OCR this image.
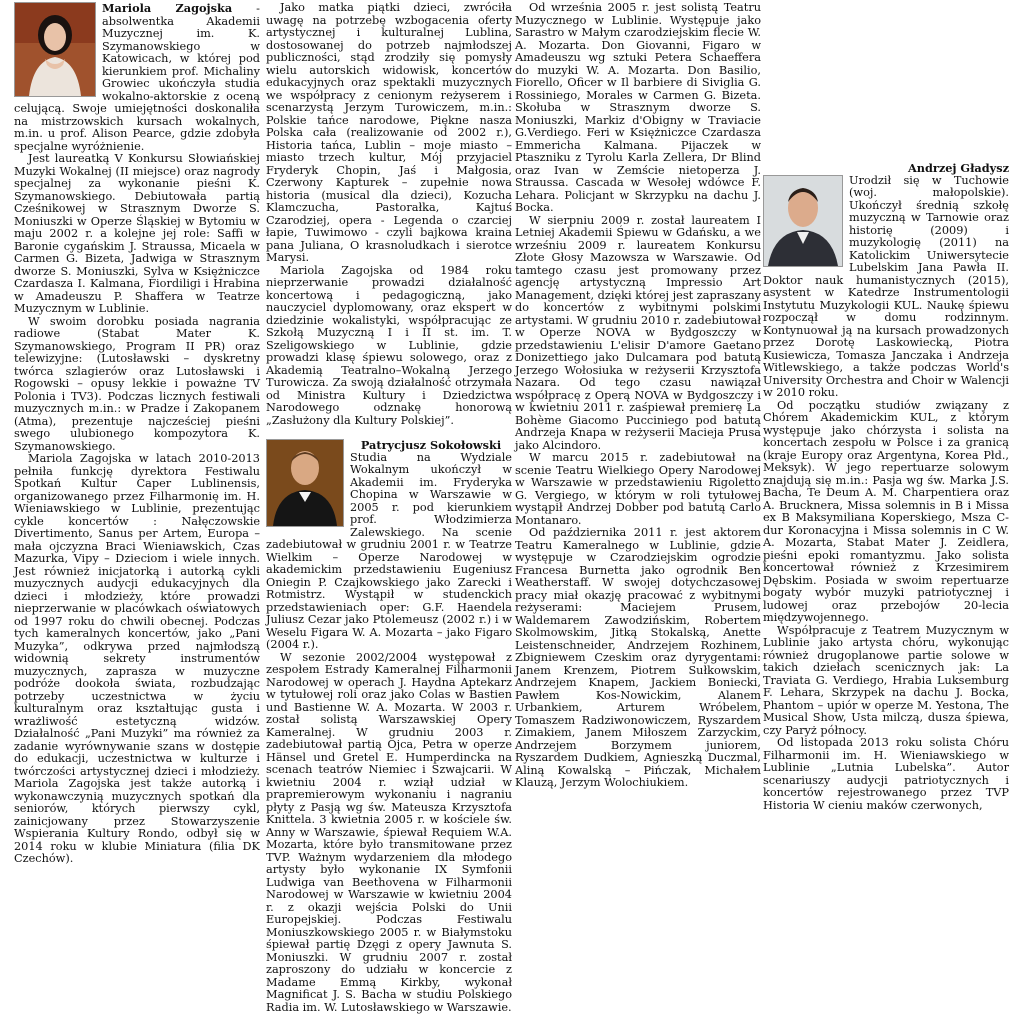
Mariola Zagojska - absolwentka Akademii Muzycznej im. K. Szymanowskiego w Katowicach, w której pod kierunkiem prof. Michaliny Growiec ukończyła studia wokalno-aktorskie z oceną celującą. Swoje umiejętności doskonaliła na mistrzowskich kursach wokalnych, m.in. u prof. Alison Pearce, gdzie zdobyła specjalne wyróżnienie.

Jest laureatką V Konkursu Słowiańskiej Muzyki Wokalnej (II miejsce) oraz nagrody specjalnej za wykonanie pieśni K. Szymanowskiego. Debiutowała partią Cześnikowej w Strasznym Dworze S. Moniuszki w Operze Śląskiej w Bytomiu w maju 2002 r. a kolejne jej role: Saffi w Baronie cygańskim J. Straussa, Micaela w Carmen G. Bizeta, Jadwiga w Strasznym dworze S. Moniuszki, Sylva w Księżniczce Czardasza I. Kalmana, Fiordiligi i Hrabina w Amadeuszu P. Shaffera w Teatrze Muzycznym w Lublinie.

W swoim dorobku posiada nagrania radiowe (Stabat Mater K. Szymanowskiego, Program II PR) oraz telewizyjne: (Lutosławski – dyskretny twórca szlagierów oraz Lutosławski i Rogowski – opusy lekkie i poważne TV Polonia i TV3). Podczas licznych festiwali muzycznych m.in.: w Pradze i Zakopanem (Atma), prezentuje najcześciej pieśni swego ulubionego kompozytora K. Szymanowskiego.

Mariola Zagojska w latach 2010-2013 pełniła funkcję dyrektora Festiwalu Spotkań Kultur Caper Lublinensis, organizowanego przez Filharmonię im. H. Wieniawskiego w Lublinie, prezentując cykle koncertów : Nałęczowskie Divertimento, Sanus per Artem, Europa – mała ojczyzna Braci Wieniawskich, Czas Mazurka, Vipy – Dzieciom i wiele innych. Jest również inicjatorką i autorką cykli muzycznych audycji edukacyjnych dla dzieci i młodzieży, które prowadzi nieprzerwanie w placówkach oświatowych od 1997 roku do chwili obecnej. Podczas tych kameralnych koncertów, jako „Pani Muzyka”, odkrywa przed najmłodszą widownią sekrety instrumentów muzycznych, zaprasza w muzyczne podróże dookoła świata, rozbudzając potrzeby uczestnictwa w życiu kulturalnym oraz kształtując gusta i wrażliwość estetyczną widzów. Działalność „Pani Muzyki” ma również za zadanie wyrównywanie szans w dostępie do edukacji, uczestnictwa w kulturze i twórczości artystycznej dzieci i młodzieży. Mariola Zagojska jest także autorką i wykonawczynią muzycznych spotkań dla seniorów, których pierwszy cykl, zainicjowany przez Stowarzyszenie Wspierania Kultury Rondo, odbył się w 2014 roku w klubie Miniatura (filia DK Czechów).

Jako matka piątki dzieci, zwróciła uwagę na potrzebę wzbogacenia oferty artystycznej i kulturalnej Lublina, dostosowanej do potrzeb najmłodszej publiczności, stąd zrodziły się pomysły wielu autorskich widowisk, koncertów edukacyjnych oraz spektakli muzycznych we współpracy z cenionym reżyserem i scenarzystą Jerzym Turowiczem, m.in.: Polskie tańce narodowe, Piękne nasza Polska cała (realizowanie od 2002 r.), Historia tańca, Lublin – moje miasto – miasto trzech kultur, Mój przyjaciel Fryderyk Chopin, Jaś i Małgosia, Czerwony Kapturek – zupełnie nowa historia (musical dla dzieci), Kozucha Klamczucha, Pastorałka, Kajtuś Czarodziej, opera - Legenda o czarciej łapie, Tuwimowo - czyli bajkowa kraina pana Juliana, O krasnoludkach i sierotce Marysi.

Mariola Zagojska od 1984 roku nieprzerwanie prowadzi działalność koncertową i pedagogiczną, jako nauczyciel dyplomowany, oraz ekspert w dziedzinie wokalistyki, współpracując ze Szkołą Muzyczną I i II st. im. T. Szeligowskiego w Lublinie, gdzie prowadzi klasę śpiewu solowego, oraz z Akademią Teatralno–Wokalną Jerzego Turowicza. Za swoją działalność otrzymała od Ministra Kultury i Dziedzictwa Narodowego odznakę honorową „Zasłużony dla Kultury Polskiej”.

Patrycjusz Sokołowski
Studia na Wydziale Wokalnym ukończył w Akademii im. Fryderyka Chopina w Warszawie w 2005 r. pod kierunkiem prof. Włodzimierza Zalewskiego. Na scenie zadebiutował w grudniu 2001 r. w Teatrze Wielkim – Operze Narodowej w akademickim przedstawieniu Eugeniusz Oniegin P. Czajkowskiego jako Zarecki i Rotmistrz. Wystąpił w studenckich przedstawieniach oper: G.F. Haendela Juliusz Cezar jako Ptolemeusz (2002 r.) i w Weselu Figara W. A. Mozarta – jako Figaro (2004 r.).

W sezonie 2002/2004 występował z zespołem Estrady Kameralnej Filharmonii Narodowej w operach J. Haydna Aptekarz w tytułowej roli oraz jako Colas w Bastien und Bastienne W. A. Mozarta. W 2003 r. został solistą Warszawskiej Opery Kameralnej. W grudniu 2003 r. zadebiutował partią Ojca, Petra w operze Hänsel und Gretel E. Humperdincka na scenach teatrów Niemiec i Szwajcarii. W kwietniu 2004 r. wziął udział w prapremierowym wykonaniu i nagraniu płyty z Pasją wg św. Mateusza Krzysztofa Knittela. 3 kwietnia 2005 r. w kościele św. Anny w Warszawie, śpiewał Requiem W.A. Mozarta, które było transmitowane przez TVP. Ważnym wydarzeniem dla młodego artysty było wykonanie IX Symfonii Ludwiga van Beethovena w Filharmonii Narodowej w Warszawie w kwietniu 2004 r. z okazji wejścia Polski do Unii Europejskiej. Podczas Festiwalu Moniuszkowskiego 2005 r. w Białymstoku śpiewał partię Dzęgi z opery Jawnuta S. Moniuszki. W grudniu 2007 r. został zaproszony do udziału w koncercie z Madame Emmą Kirkby, wykonał Magnificat J. S. Bacha w studiu Polskiego Radia im. W. Lutosławskiego w Warszawie.

Od września 2005 r. jest solistą Teatru Muzycznego w Lublinie. Występuje jako Sarastro w Małym czarodziejskim flecie W. A. Mozarta. Don Giovanni, Figaro w Amadeuszu wg sztuki Petera Schaeffera do muzyki W. A. Mozarta. Don Basilio, Fiorello, Oficer w Il barbiere di Siviglia G. Rossiniego, Morales w Carmen G. Bizeta. Skołuba w Strasznym dworze S. Moniuszki, Markiz d'Obigny w Traviacie G.Verdiego. Feri w Księżniczce Czardasza Emmericha Kalmana. Pijaczek w Ptaszniku z Tyrolu Karla Zellera, Dr Blind oraz Ivan w Zemście nietoperza J. Straussa. Cascada w Wesołej wdówce F. Lehara. Policjant w Skrzypku na dachu J. Bocka.

W sierpniu 2009 r. został laureatem I Letniej Akademii Śpiewu w Gdańsku, a we wrześniu 2009 r. laureatem Konkursu Złote Głosy Mazowsza w Warszawie. Od tamtego czasu jest promowany przez agencję artystyczną Impressio Art Management, dzięki której jest zapraszany do koncertów z wybitnymi polskimi artystami. W grudniu 2010 r. zadebiutował w Operze NOVA w Bydgoszczy w przedstawieniu L'elisir D'amore Gaetano Donizettiego jako Dulcamara pod batutą Jerzego Wołosiuka w reżyserii Krzysztofa Nazara. Od tego czasu nawiązał współpracę z Operą NOVA w Bydgoszczy i w kwietniu 2011 r. zaśpiewał premierę La Bohème Giacomo Pucciniego pod batutą Andrzeja Knapa w reżyserii Macieja Prusa jako Alcindoro.

W marcu 2015 r. zadebiutował na scenie Teatru Wielkiego Opery Narodowej w Warszawie w przedstawieniu Rigoletto G. Vergiego, w którym w roli tytułowej wystąpił Andrzej Dobber pod batutą Carlo Montanaro.

Od października 2011 r. jest aktorem Teatru Kameralnego w Lublinie, gdzie występuje w Czarodziejskim ogrodzie Francesa Burnetta jako ogrodnik Ben Weatherstaff. W swojej dotychczasowej pracy miał okazję pracować z wybitnymi reżyserami: Maciejem Prusem, Waldemarem Zawodzińskim, Robertem Skolmowskim, Jitką Stokalską, Anette Leistenschneider, Andrzejem Rozhinem, Zbigniewem Czeskim oraz dyrygentami: Janem Krenzem, Piotrem Sułkowskim, Andrzejem Knapem, Jackiem Boniecki, Pawłem Kos-Nowickim, Alanem Urbankiem, Arturem Wróbelem, Tomaszem Radziwonowiczem, Ryszardem Zimakiem, Janem Miłoszem Zarzyckim, Andrzejem Borzymem juniorem, Ryszardem Dudkiem, Agnieszką Duczmal, Aliną Kowalską – Pińczak, Michałem Klauzą, Jerzym Wolochiukiem.

Andrzej Gładysz

Urodził się w Tuchowie (woj. małopolskie). Ukończył średnią szkołę muzyczną w Tarnowie oraz historię (2009) i muzykologię (2011) na Katolickim Uniwersytecie Lubelskim Jana Pawła II. Doktor nauk humanistycznych (2015), asystent w Katedrze Instrumentologii Instytutu Muzykologii KUL. Naukę śpiewu rozpoczął w domu rodzinnym. Kontynuował ją na kursach prowadzonych przez Dorotę Laskowiecką, Piotra Kusiewicza, Tomasza Janczaka i Andrzeja Witlewskiego, a także podczas World's University Orchestra and Choir w Walencji w 2010 roku.

Od początku studiów związany z Chórem Akademickim KUL, z którym występuje jako chórzysta i solista na koncertach zespołu w Polsce i za granicą (kraje Europy oraz Argentyna, Korea Płd., Meksyk). W jego repertuarze solowym znajdują się m.in.: Pasja wg św. Marka J.S. Bacha, Te Deum A. M. Charpentiera oraz A. Brucknera, Missa solemnis in B i Missa ex B Maksymiliana Koperskiego, Msza C-dur Koronacyjna i Missa solemnis in C W. A. Mozarta, Stabat Mater J. Zeidlera, pieśni epoki romantyzmu. Jako solista koncertował również z Krzesimirem Dębskim. Posiada w swoim repertuarze bogaty wybór muzyki patriotycznej i ludowej oraz przebojów 20-lecia międzywojennego.

Współpracuje z Teatrem Muzycznym w Lublinie jako artysta chóru, wykonując również drugoplanowe partie solowe w takich dziełach scenicznych jak: La Traviata G. Verdiego, Hrabia Luksemburg F. Lehara, Skrzypek na dachu J. Bocka, Phantom – upiór w operze M. Yestona, The Musical Show, Usta milczą, dusza śpiewa, czy Paryż północy.

Od listopada 2013 roku solista Chóru Filharmonii im. H. Wieniawskiego w Lublinie „Lutnia Lubelska”. Autor scenariuszy audycji patriotycznych i koncertów rejestrowanego przez TVP Historia W cieniu maków czerwonych,
